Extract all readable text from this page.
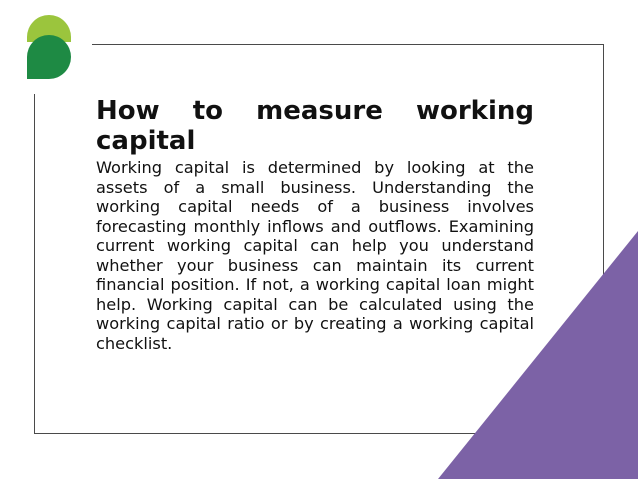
How to measure working capital

Working capital is determined by looking at the assets of a small business. Understanding the working capital needs of a business involves forecasting monthly inflows and outflows. Examining current working capital can help you understand whether your business can maintain its current financial position. If not, a working capital loan might help. Working capital can be calculated using the working capital ratio or by creating a working capital checklist.
